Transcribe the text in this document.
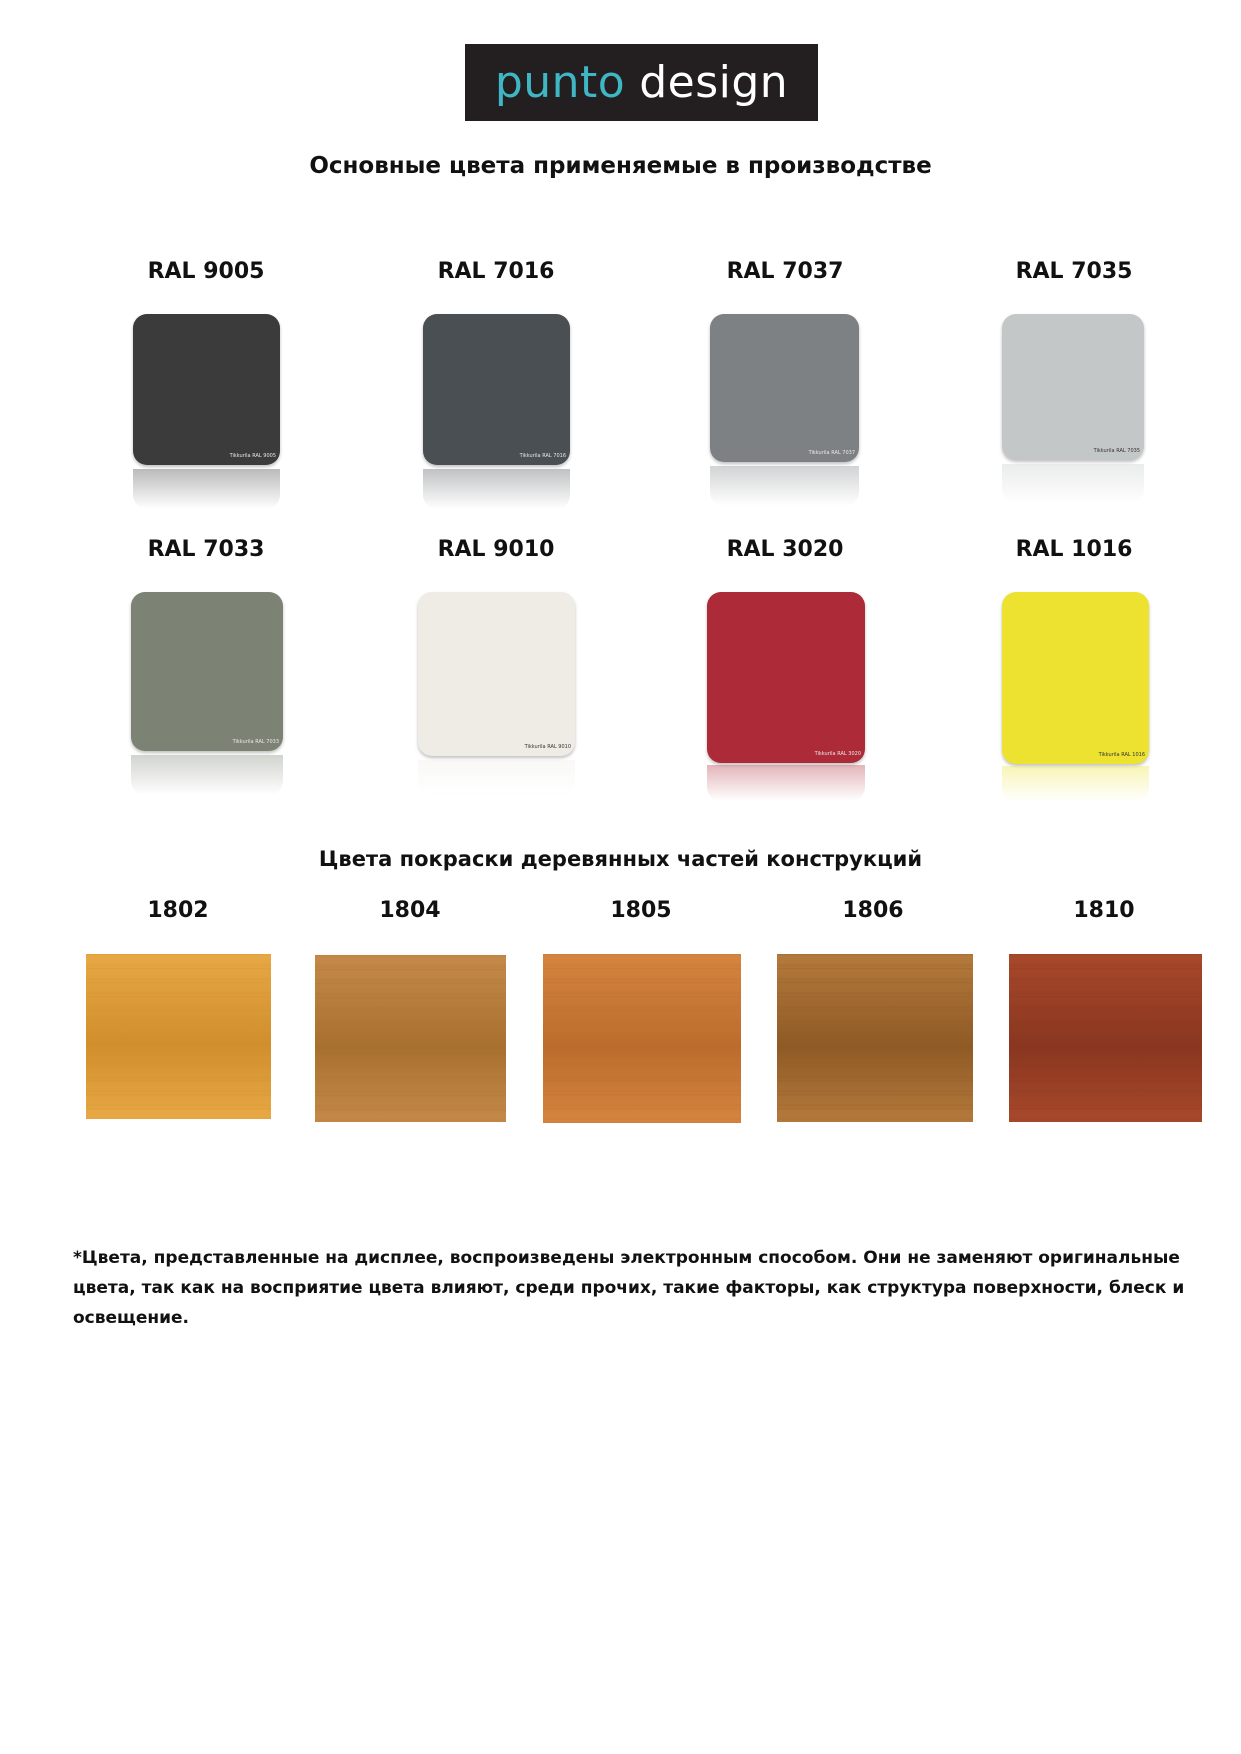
punto design
Основные цвета применяемые в производстве
RAL 9005	RAL 7016	RAL 7037	RAL 7035
Tikkurila RAL 9005	Tikkurila RAL 7016	Tikkurila RAL 7037	Tikkurila RAL 7035
RAL 7033	RAL 9010	RAL 3020	RAL 1016
Tikkurila RAL 7033
Tikkurila RAL 9010
Tikkurila RAL 3020	Tikkurila RAL 1016
Цвета покраски деревянных частей конструкций
1802	1804	1805	1806	1810
*Цвета, представленные на дисплее, воспроизведены электронным способом. Они не заменяют оригинальные цвета, так как на восприятие цвета влияют, среди прочих, такие факторы, как структура поверхности, блеск и освещение.
